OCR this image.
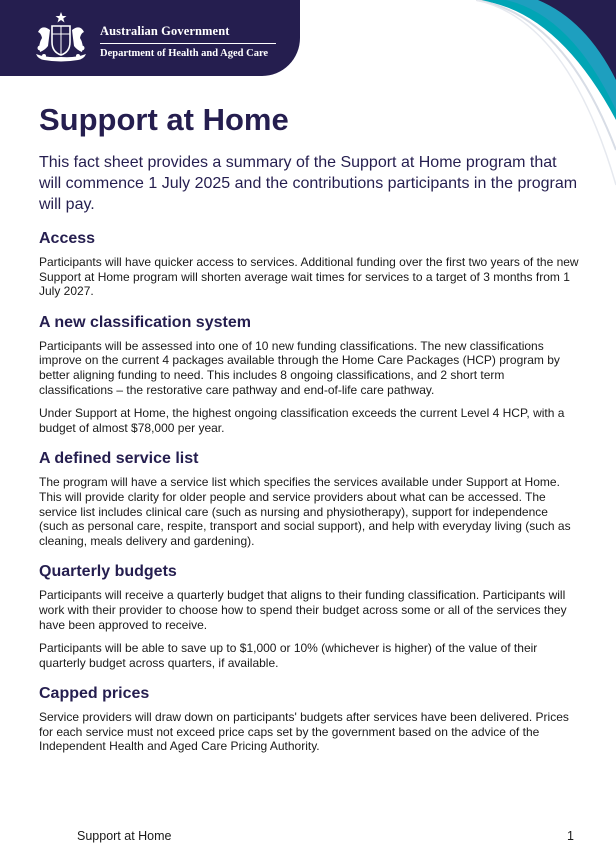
Australian Government
Department of Health and Aged Care
Support at Home

This fact sheet provides a summary of the Support at Home program that will commence 1 July 2025 and the contributions participants in the program will pay.

Access

Participants will have quicker access to services. Additional funding over the first two years of the new Support at Home program will shorten average wait times for services to a target of 3 months from 1 July 2027.

A new classification system

Participants will be assessed into one of 10 new funding classifications. The new classifications improve on the current 4 packages available through the Home Care Packages (HCP) program by better aligning funding to need. This includes 8 ongoing classifications, and 2 short term classifications – the restorative care pathway and end-of-life care pathway.

Under Support at Home, the highest ongoing classification exceeds the current Level 4 HCP, with a budget of almost $78,000 per year.

A defined service list

The program will have a service list which specifies the services available under Support at Home. This will provide clarity for older people and service providers about what can be accessed. The service list includes clinical care (such as nursing and physiotherapy), support for independence (such as personal care, respite, transport and social support), and help with everyday living (such as cleaning, meals delivery and gardening).

Quarterly budgets

Participants will receive a quarterly budget that aligns to their funding classification. Participants will work with their provider to choose how to spend their budget across some or all of the services they have been approved to receive.

Participants will be able to save up to $1,000 or 10% (whichever is higher) of the value of their quarterly budget across quarters, if available.

Capped prices

Service providers will draw down on participants' budgets after services have been delivered. Prices for each service must not exceed price caps set by the government based on the advice of the Independent Health and Aged Care Pricing Authority.

Support at Home	1
